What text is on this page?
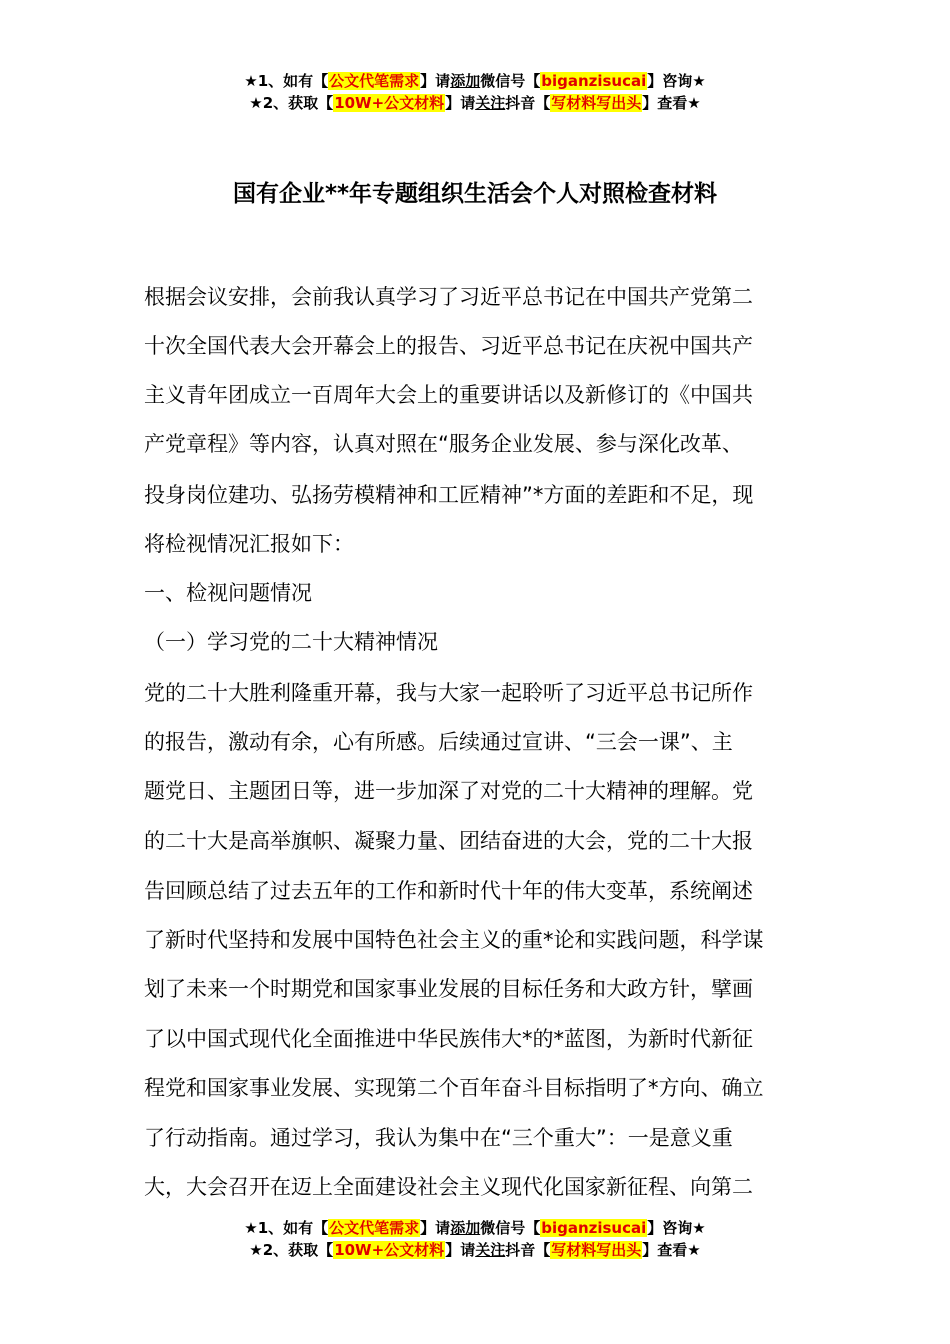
★1、如有【公文代笔需求】请添加微信号【biganzisucai】咨询★
★2、获取【10W+公文材料】请关注抖音【写材料写出头】查看★
国有企业**年专题组织生活会个人对照检查材料
根据会议安排，会前我认真学习了习近平总书记在中国共产党第二
十次全国代表大会开幕会上的报告、习近平总书记在庆祝中国共产
主义青年团成立一百周年大会上的重要讲话以及新修订的《中国共
产党章程》等内容，认真对照在“服务企业发展、参与深化改革、
投身岗位建功、弘扬劳模精神和工匠精神”*方面的差距和不足，现
将检视情况汇报如下：
一、检视问题情况
（一）学习党的二十大精神情况
党的二十大胜利隆重开幕，我与大家一起聆听了习近平总书记所作
的报告，激动有余，心有所感。后续通过宣讲、“三会一课”、主
题党日、主题团日等，进一步加深了对党的二十大精神的理解。党
的二十大是高举旗帜、凝聚力量、团结奋进的大会，党的二十大报
告回顾总结了过去五年的工作和新时代十年的伟大变革，系统阐述
了新时代坚持和发展中国特色社会主义的重*论和实践问题，科学谋
划了未来一个时期党和国家事业发展的目标任务和大政方针，擘画
了以中国式现代化全面推进中华民族伟大*的*蓝图，为新时代新征
程党和国家事业发展、实现第二个百年奋斗目标指明了*方向、确立
了行动指南。通过学习，我认为集中在“三个重大”：一是意义重
大，大会召开在迈上全面建设社会主义现代化国家新征程、向第二
★1、如有【公文代笔需求】请添加微信号【biganzisucai】咨询★
★2、获取【10W+公文材料】请关注抖音【写材料写出头】查看★
